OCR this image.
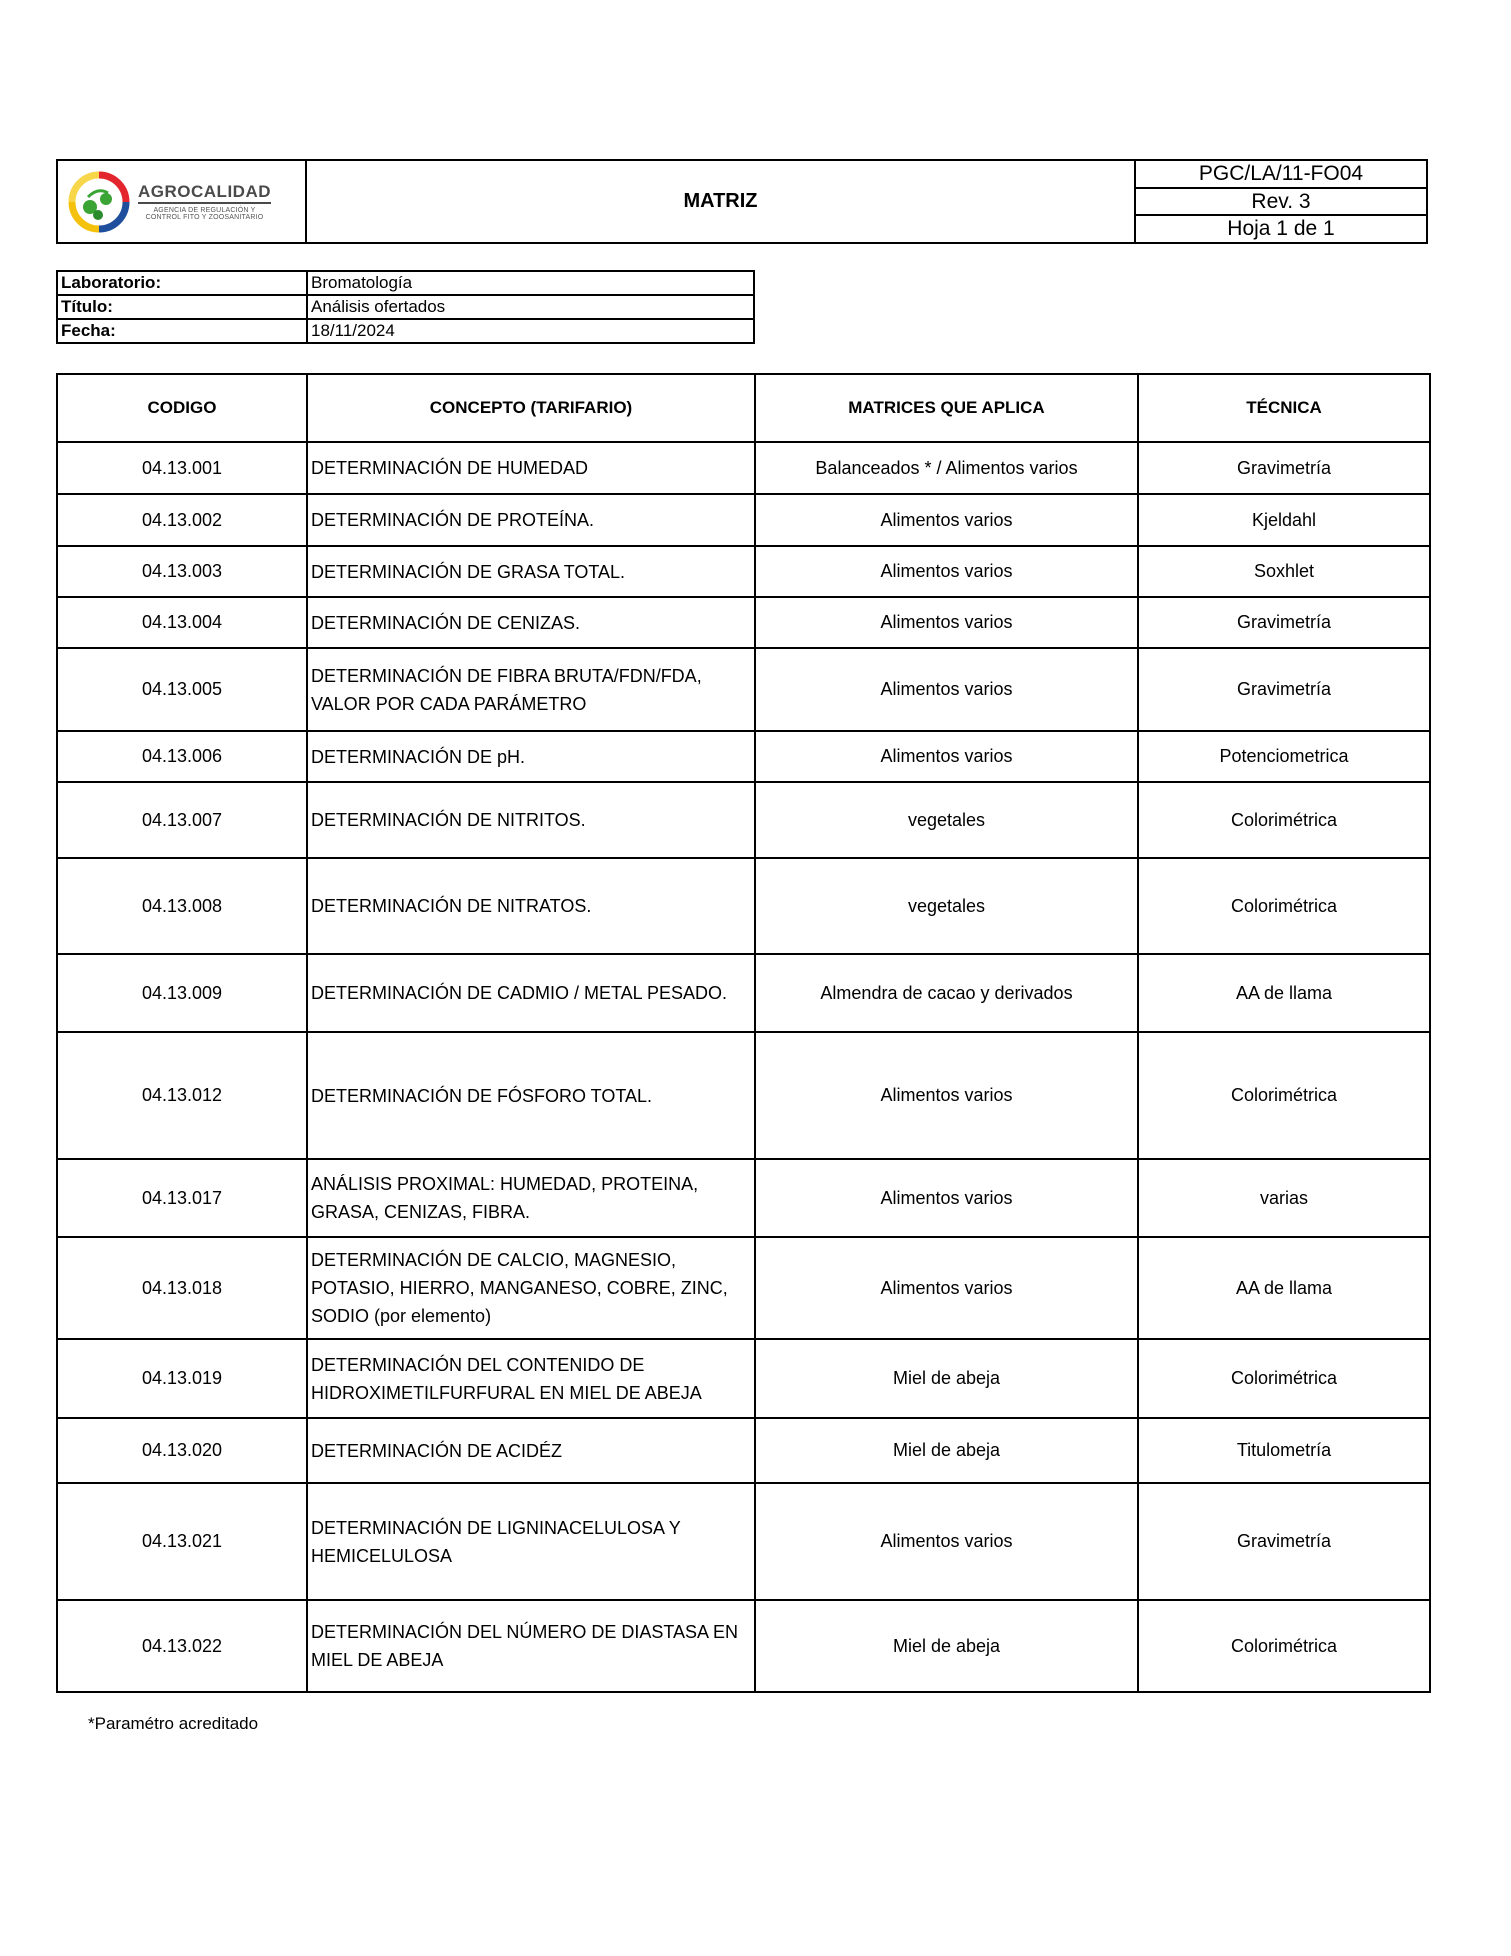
AGROCALIDAD
AGENCIA DE REGULACIÓN Y
CONTROL FITO Y ZOOSANITARIO
MATRIZ
PGC/LA/11-FO04
Rev. 3
Hoja 1 de 1
Laboratorio:	Bromatología
Título:	Análisis ofertados
Fecha:	18/11/2024
CODIGO	CONCEPTO (TARIFARIO)	MATRICES QUE APLICA	TÉCNICA
04.13.001	DETERMINACIÓN DE HUMEDAD	Balanceados * / Alimentos varios	Gravimetría
04.13.002	DETERMINACIÓN DE PROTEÍNA.	Alimentos varios	Kjeldahl
04.13.003	DETERMINACIÓN DE GRASA TOTAL.	Alimentos varios	Soxhlet
04.13.004	DETERMINACIÓN DE CENIZAS.	Alimentos varios	Gravimetría
04.13.005	DETERMINACIÓN DE FIBRA BRUTA/FDN/FDA, VALOR POR CADA PARÁMETRO	Alimentos varios	Gravimetría
04.13.006	DETERMINACIÓN DE pH.	Alimentos varios	Potenciometrica
04.13.007	DETERMINACIÓN DE NITRITOS.	vegetales	Colorimétrica
04.13.008	DETERMINACIÓN DE NITRATOS.	vegetales	Colorimétrica
04.13.009	DETERMINACIÓN DE CADMIO / METAL PESADO.	Almendra de cacao y derivados	AA de llama
04.13.012	DETERMINACIÓN DE FÓSFORO TOTAL.	Alimentos varios	Colorimétrica
04.13.017	ANÁLISIS PROXIMAL: HUMEDAD, PROTEINA, GRASA, CENIZAS, FIBRA.	Alimentos varios	varias
04.13.018	DETERMINACIÓN DE CALCIO, MAGNESIO, POTASIO, HIERRO, MANGANESO, COBRE, ZINC, SODIO (por elemento)	Alimentos varios	AA de llama
04.13.019	DETERMINACIÓN DEL CONTENIDO DE HIDROXIMETILFURFURAL EN MIEL DE ABEJA	Miel de abeja	Colorimétrica
04.13.020	DETERMINACIÓN DE ACIDÉZ	Miel de abeja	Titulometría
04.13.021	DETERMINACIÓN DE LIGNINACELULOSA Y HEMICELULOSA	Alimentos varios	Gravimetría
04.13.022	DETERMINACIÓN DEL NÚMERO DE DIASTASA EN MIEL DE ABEJA	Miel de abeja	Colorimétrica
*Paramétro acreditado
